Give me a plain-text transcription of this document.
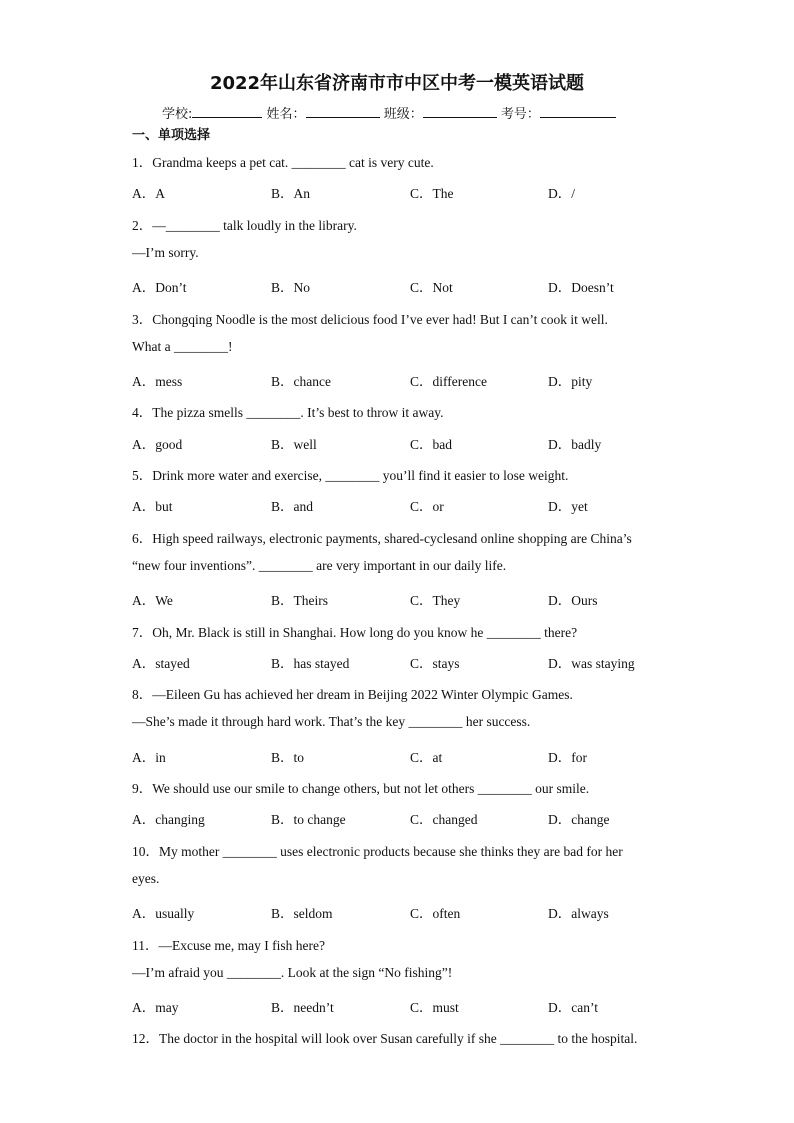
2022年山东省济南市市中区中考一模英语试题
学校:	姓名：	班级：	考号：
一、单项选择
1．Grandma keeps a pet cat. ________ cat is very cute.
A．A	B．An	C．The	D．/
2．—________ talk loudly in the library.
—I’m sorry.
A．Don’t	B．No	C．Not	D．Doesn’t
3．Chongqing Noodle is the most delicious food I’ve ever had! But I can’t cook it well.
What a ________!
A．mess	B．chance	C．difference	D．pity
4．The pizza smells ________. It’s best to throw it away.
A．good	B．well	C．bad	D．badly
5．Drink more water and exercise, ________ you’ll find it easier to lose weight.
A．but	B．and	C．or	D．yet
6．High speed railways, electronic payments, shared-cyclesand online shopping are China’s
“new four inventions”. ________ are very important in our daily life.
A．We	B．Theirs	C．They	D．Ours
7．Oh, Mr. Black is still in Shanghai. How long do you know he ________ there?
A．stayed	B．has stayed	C．stays	D．was staying
8．—Eileen Gu has achieved her dream in Beijing 2022 Winter Olympic Games.
—She’s made it through hard work. That’s the key ________ her success.
A．in	B．to	C．at	D．for
9．We should use our smile to change others, but not let others ________ our smile.
A．changing	B．to change	C．changed	D．change
10．My mother ________ uses electronic products because she thinks they are bad for her
eyes.
A．usually	B．seldom	C．often	D．always
11．—Excuse me, may I fish here?
—I’m afraid you ________. Look at the sign “No fishing”!
A．may	B．needn’t	C．must	D．can’t
12．The doctor in the hospital will look over Susan carefully if she ________ to the hospital.
